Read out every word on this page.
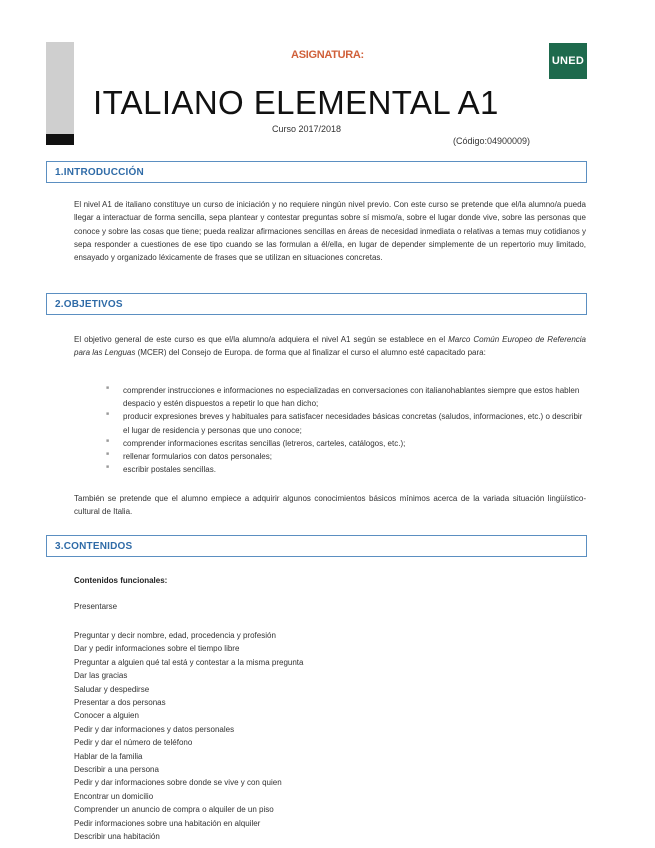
ASIGNATURA:	UNED
ITALIANO ELEMENTAL A1
Curso 2017/2018
(Código:04900009)
1.INTRODUCCIÓN

El nivel A1 de italiano constituye un curso de iniciación y no requiere ningún nivel previo. Con este curso se pretende que el/la alumno/a pueda llegar a interactuar de forma sencilla, sepa plantear y contestar preguntas sobre sí mismo/a, sobre el lugar donde vive, sobre las personas que conoce y sobre las cosas que tiene; pueda realizar afirmaciones sencillas en áreas de necesidad inmediata o relativas a temas muy cotidianos y sepa responder a cuestiones de ese tipo cuando se las formulan a él/ella, en lugar de depender simplemente de un repertorio muy limitado, ensayado y organizado léxicamente de frases que se utilizan en situaciones concretas.

2.OBJETIVOS

El objetivo general de este curso es que el/la alumno/a adquiera el nivel A1 según se establece en el Marco Común Europeo de Referencia para las Lenguas (MCER) del Consejo de Europa. de forma que al finalizar el curso el alumno esté capacitado para:

■ comprender instrucciones e informaciones no especializadas en conversaciones con italianohablantes siempre que estos hablen despacio y estén dispuestos a repetir lo que han dicho;
■ producir expresiones breves y habituales para satisfacer necesidades básicas concretas (saludos, informaciones, etc.) o describir el lugar de residencia y personas que uno conoce;
■ comprender informaciones escritas sencillas (letreros, carteles, catálogos, etc.);
■ rellenar formularios con datos personales;
■ escribir postales sencillas.

También se pretende que el alumno empiece a adquirir algunos conocimientos básicos mínimos acerca de la variada situación lingüístico-cultural de Italia.

3.CONTENIDOS
Contenidos funcionales:
Presentarse
Preguntar y decir nombre, edad, procedencia y profesión
Dar y pedir informaciones sobre el tiempo libre
Preguntar a alguien qué tal está y contestar a la misma pregunta
Dar las gracias
Saludar y despedirse
Presentar a dos personas
Conocer a alguien
Pedir y dar informaciones y datos personales
Pedir y dar el número de teléfono
Hablar de la familia
Describir a una persona
Pedir y dar informaciones sobre donde se vive y con quien
Encontrar un domicilio
Comprender un anuncio de compra o alquiler de un piso
Pedir informaciones sobre una habitación en alquiler
Describir una habitación
